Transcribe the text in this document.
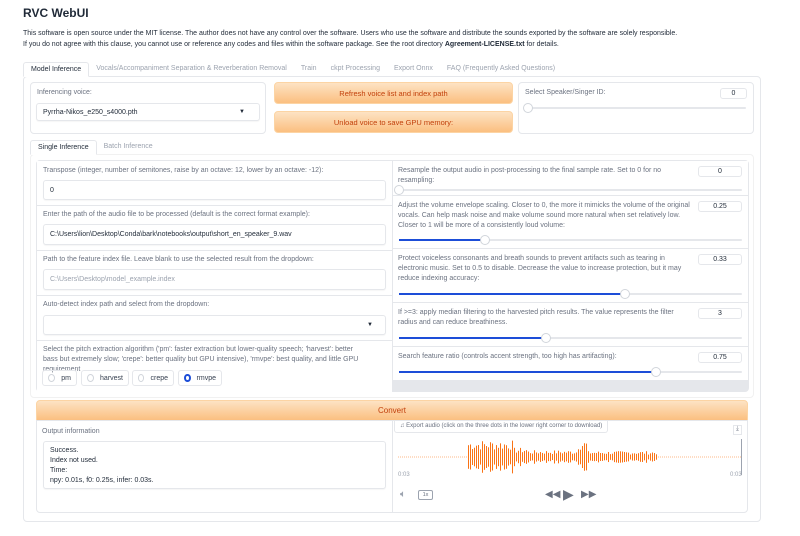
RVC WebUI
This software is open source under the MIT license. The author does not have any control over the software. Users who use the software and distribute the sounds exported by the software are solely responsible.
If you do not agree with this clause, you cannot use or reference any codes and files within the software package. See the root directory Agreement-LICENSE.txt for details.
Model Inference	Vocals/Accompaniment Separation & Reverberation Removal	Train	ckpt Processing	Export Onnx	FAQ (Frequently Asked Questions)
Inferencing voice:
Pyrrha-Nikos_e250_s4000.pth	▼
Refresh voice list and index path
Unload voice to save GPU memory:
Select Speaker/Singer ID:	0
Single Inference	Batch Inference
Transpose (integer, number of semitones, raise by an octave: 12, lower by an octave: -12):
0
Enter the path of the audio file to be processed (default is the correct format example):
C:\Users\lion\Desktop\Conda\bark\notebooks\output\short_en_speaker_9.wav
Path to the feature index file. Leave blank to use the selected result from the dropdown:
C:\Users\Desktop\model_example.index
Auto-detect index path and select from the dropdown:
▼
Select the pitch extraction algorithm ('pm': faster extraction but lower-quality speech; 'harvest': better bass but extremely slow; 'crepe': better quality but GPU intensive), 'rmvpe': best quality, and little GPU requirement
pm	harvest	crepe	rmvpe
Resample the output audio in post-processing to the final sample rate. Set to 0 for no resampling:
0
Adjust the volume envelope scaling. Closer to 0, the more it mimicks the volume of the original vocals. Can help mask noise and make volume sound more natural when set relatively low. Closer to 1 will be more of a consistently loud volume:
0.25
Protect voiceless consonants and breath sounds to prevent artifacts such as tearing in electronic music. Set to 0.5 to disable. Decrease the value to increase protection, but it may reduce indexing accuracy:
0.33
If >=3: apply median filtering to the harvested pitch results. The value represents the filter radius and can reduce breathiness.
3
Search feature ratio (controls accent strength, too high has artifacting):	0.75
Convert
Output information
Success.
Index not used.
Time:
npy: 0.01s, f0: 0.25s, infer: 0.03s.
♫ Export audio (click on the three dots in the lower right corner to download)	⤓
0:03	0:03
🔈︎	1x	◀◀ ▶ ▶▶
